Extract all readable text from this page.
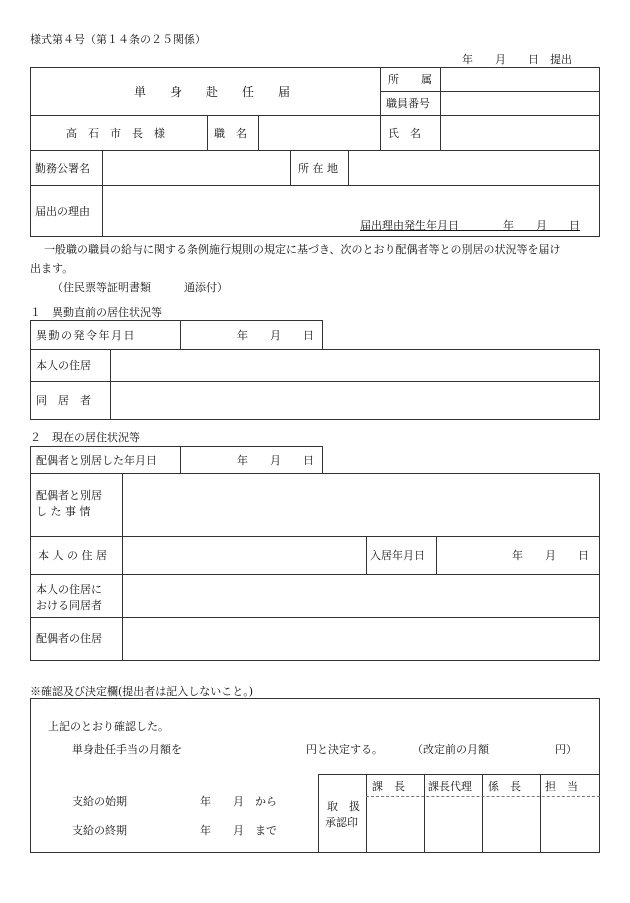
様式第４号（第１４条の２５関係）
年　　月　　日　提出
単　　身　　赴　　任　　届
所　　属
職員番号
高　石　市　長　様	職　名	氏　名
勤務公署名	所 在 地
届出の理由
届出理由発生年月日　　　　年　　月　　日
一般職の職員の給与に関する条例施行規則の規定に基づき、次のとおり配偶者等との別居の状況等を届け
出ます。
（住民票等証明書類　　　通添付）
１　異動直前の居住状況等
異動の発令年月日	年　　月　　日
本人の住居
同　居　者
２　現在の居住状況等
配偶者と別居した年月日	年　　月　　日
配偶者と別居
し た 事 情
本 人 の 住 居	入居年月日	年　　月　　日
本人の住居に
おける同居者
配偶者の住居
※確認及び決定欄(提出者は記入しないこと。)
上記のとおり確認した。
単身赴任手当の月額を	円と決定する。	（改定前の月額　　　　　　円）
支給の始期	年　　月　から
支給の終期	年　　月　まで
取　扱
承認印
課　長 課長代理 係　長 担　当
